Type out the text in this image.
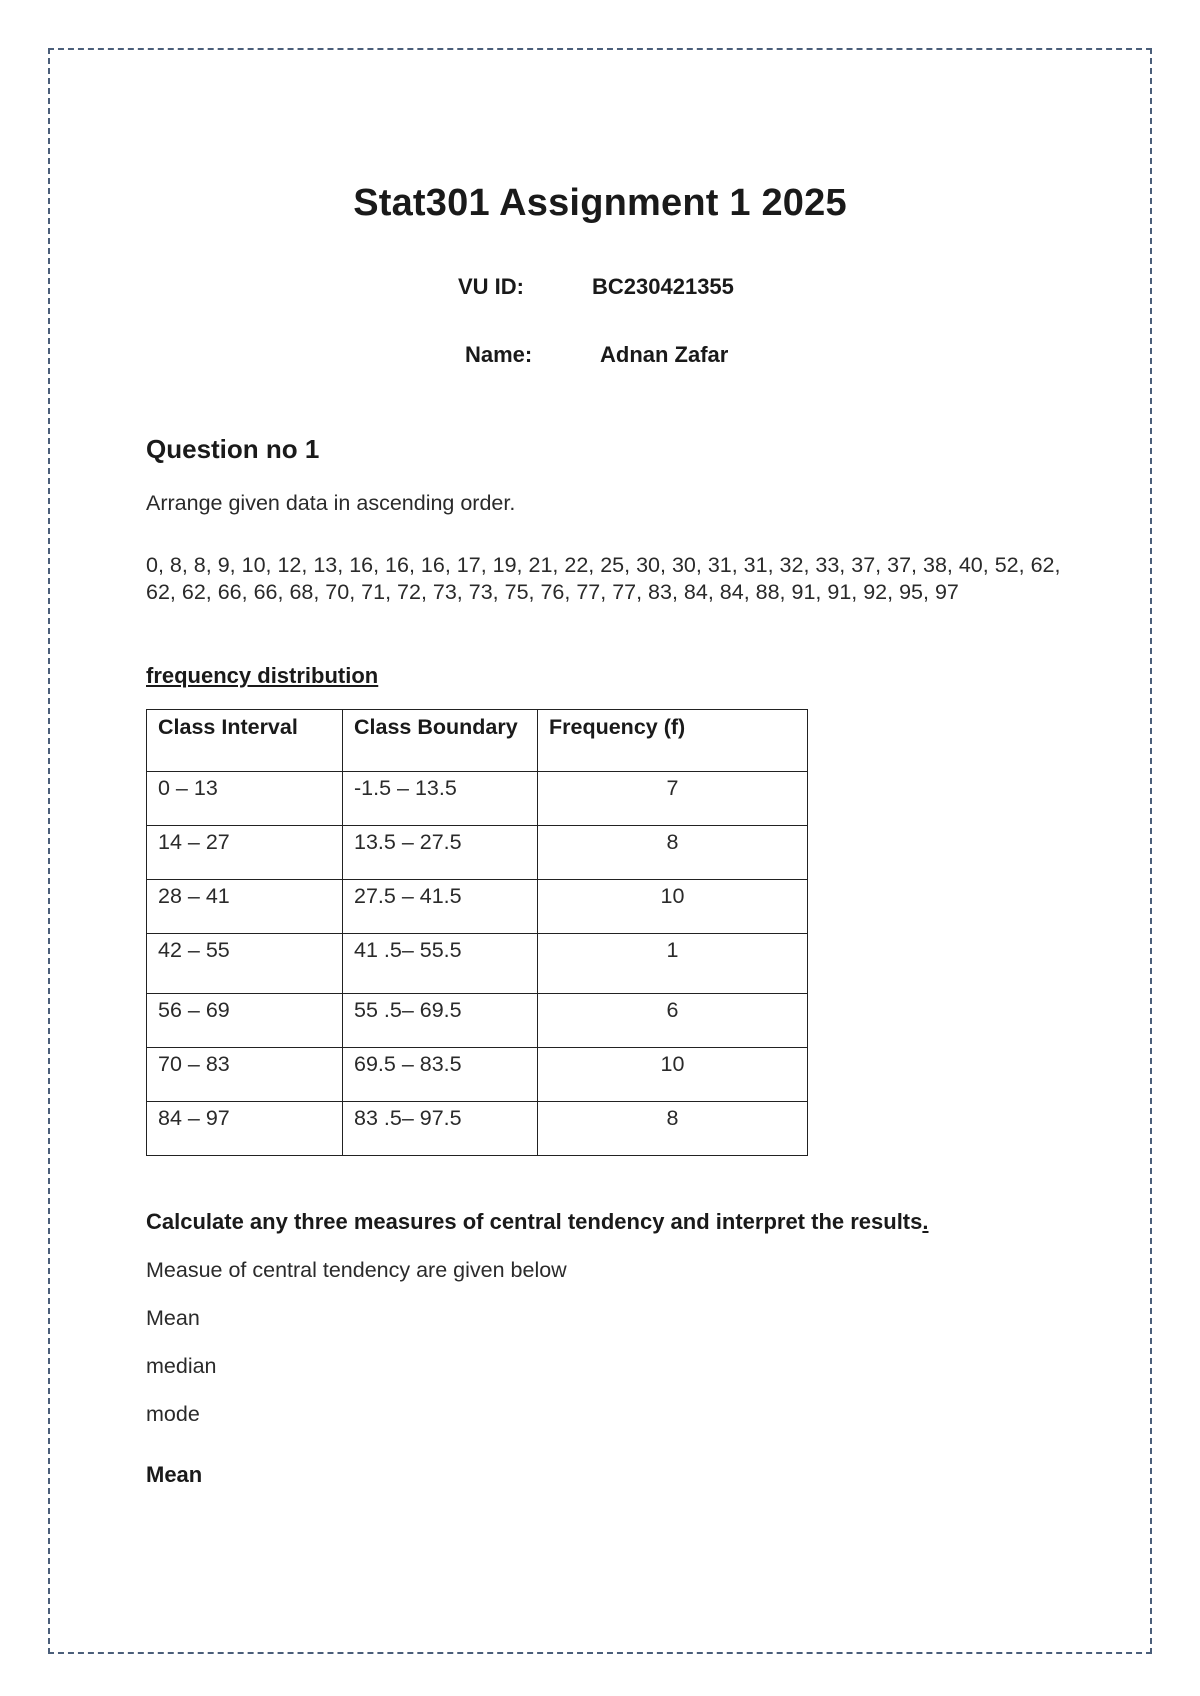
Stat301 Assignment 1 2025
VU ID:	BC230421355
Name:	Adnan Zafar
Question no 1
Arrange given data in ascending order.
0, 8, 8, 9, 10, 12, 13, 16, 16, 16, 17, 19, 21, 22, 25, 30, 30, 31, 31, 32, 33, 37, 37, 38, 40, 52, 62, 62, 62, 66, 66, 68, 70, 71, 72, 73, 73, 75, 76, 77, 77, 83, 84, 84, 88, 91, 91, 92, 95, 97
frequency distribution
Class Interval	Class Boundary	Frequency (f)
0 – 13	-1.5 – 13.5	7
14 – 27	13.5 – 27.5	8
28 – 41	27.5 – 41.5	10
42 – 55	41 .5– 55.5	1
56 – 69	55 .5– 69.5	6
70 – 83	69.5 – 83.5	10
84 – 97	83 .5– 97.5	8
Calculate any three measures of central tendency and interpret the results.
Measue of central tendency are given below
Mean
median
mode
Mean
